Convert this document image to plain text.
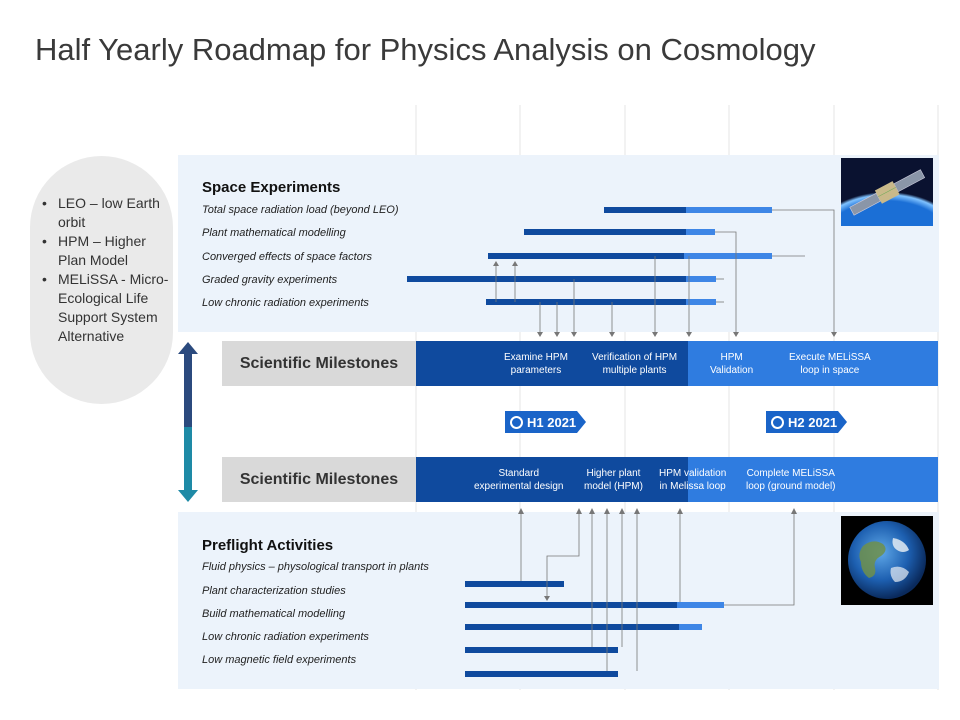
Half Yearly Roadmap for Physics Analysis on Cosmology
• LEO – low Earth orbit
• HPM – Higher Plan Model
• MELiSSA - Micro-Ecological Life Support System Alternative
Space Experiments
Total space radiation load (beyond LEO)
Plant mathematical modelling
Converged effects of space factors
Graded gravity experiments
Low chronic radiation experiments
Scientific Milestones	Examine HPM
parameters
Verification of HPM
multiple plants
HPM
Validation
Execute MELiSSA
loop in space
H1 2021	H2 2021
Scientific Milestones	Standard
experimental design
Higher plant
model (HPM)
HPM validation
in Melissa loop
Complete MELiSSA
loop (ground model)
Preflight Activities
Fluid physics – physological transport in plants
Plant characterization studies
Build mathematical modelling
Low chronic radiation experiments
Low magnetic field experiments
